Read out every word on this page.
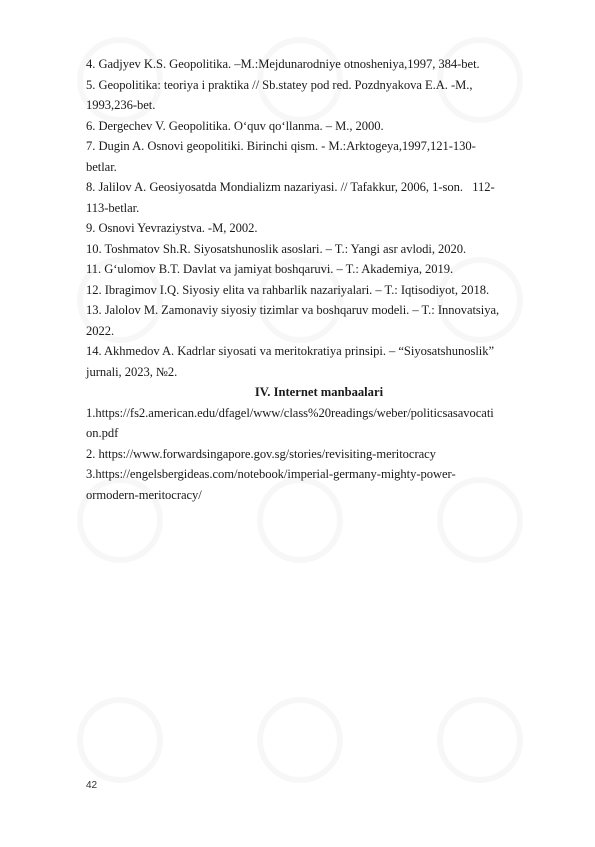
4. Gadjyev K.S. Geopolitika. –M.:Mejdunarodniye otnosheniya,1997, 384-bet.
5. Geopolitika: teoriya i praktika // Sb.statey pod red. Pozdnyakova E.A. -M.,
1993,236-bet.
6. Dergechev V. Geopolitika. O‘quv qo‘llanma. – M., 2000.
7. Dugin A. Osnovi geopolitiki. Birinchi qism. - M.:Arktogeya,1997,121-130-
betlar.
8. Jalilov A. Geosiyosatda Mondializm nazariyasi. // Tafakkur, 2006, 1-son.   112-
113-betlar.
9. Osnovi Yevraziystva. -M, 2002.
10. Toshmatov Sh.R. Siyosatshunoslik asoslari. – T.: Yangi asr avlodi, 2020.
11. G‘ulomov B.T. Davlat va jamiyat boshqaruvi. – T.: Akademiya, 2019.
12. Ibragimov I.Q. Siyosiy elita va rahbarlik nazariyalari. – T.: Iqtisodiyot, 2018.
13. Jalolov M. Zamonaviy siyosiy tizimlar va boshqaruv modeli. – T.: Innovatsiya,
2022.
14. Akhmedov A. Kadrlar siyosati va meritokratiya prinsipi. – “Siyosatshunoslik”
jurnali, 2023, №2.
IV. Internet manbaalari
1.https://fs2.american.edu/dfagel/www/class%20readings/weber/politicsasavocati
on.pdf
2. https://www.forwardsingapore.gov.sg/stories/revisiting-meritocracy
3.https://engelsbergideas.com/notebook/imperial-germany-mighty-power-
ormodern-meritocracy/
42
